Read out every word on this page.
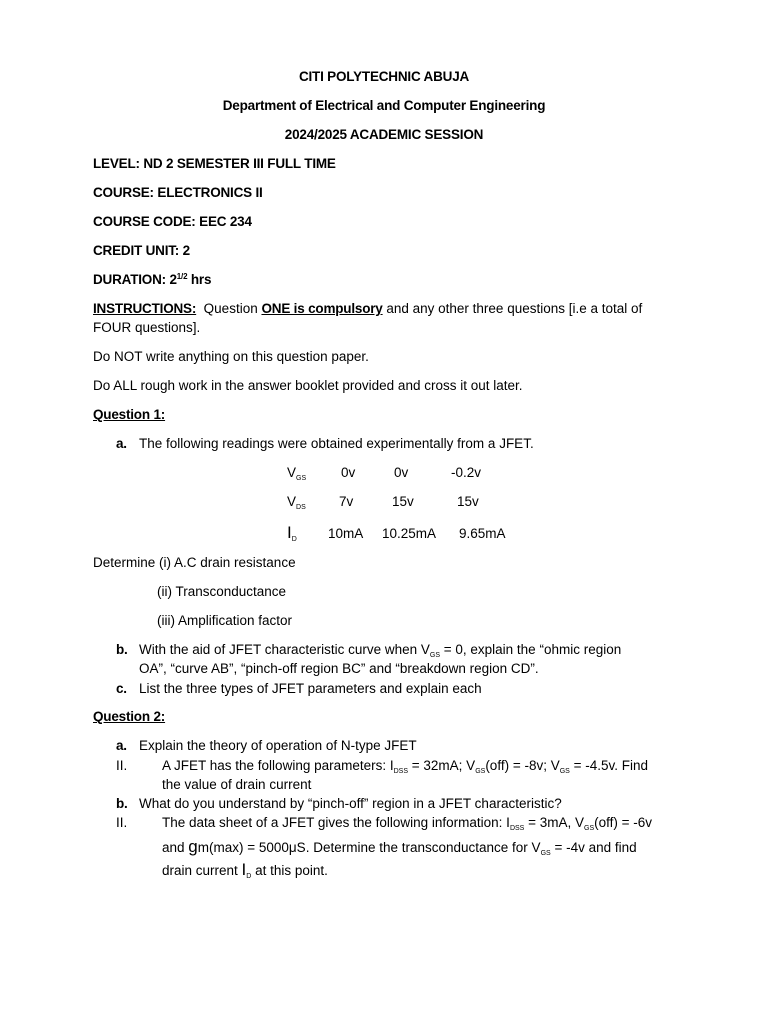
CITI POLYTECHNIC ABUJA
Department of Electrical and Computer Engineering
2024/2025 ACADEMIC SESSION
LEVEL: ND 2 SEMESTER III FULL TIME
COURSE: ELECTRONICS II
COURSE CODE: EEC 234
CREDIT UNIT: 2
DURATION: $2^{1/2}$ hrs
INSTRUCTIONS: Question ONE is compulsory and any other three questions [i.e a total of
FOUR questions].
Do NOT write anything on this question paper.
Do ALL rough work in the answer booklet provided and cross it out later.
Question 1:
a. The following readings were obtained experimentally from a JFET.
$V_{GS}$	0v	0v	-0.2v
$V_{DS}$ 7v	15v	15v
$I_D$ 10mA 10.25mA 9.65mA
Determine (i) A.C drain resistance
(ii) Transconductance
(iii) Amplification factor
b. With the aid of JFET characteristic curve when $V_{GS} = 0$, explain the “ohmic region
OA”, “curve AB”, “pinch-off region BC” and “breakdown region CD”.
c. List the three types of JFET parameters and explain each
Question 2:
a. Explain the theory of operation of N-type JFET
II.	A JFET has the following parameters: $I_{DSS} = 32mA$; $V_{GS}(off) = -8v$; $V_{GS} = -4.5v$. Find
the value of drain current
b. What do you understand by “pinch-off” region in a JFET characteristic?
II.	The data sheet of a JFET gives the following information: $I_{DSS} = 3mA$, $V_{GS}(off) = -6v$
and gm(max) = 5000μS. Determine the transconductance for $V_{GS} = -4v$ and find
drain current $I_D$ at this point.
